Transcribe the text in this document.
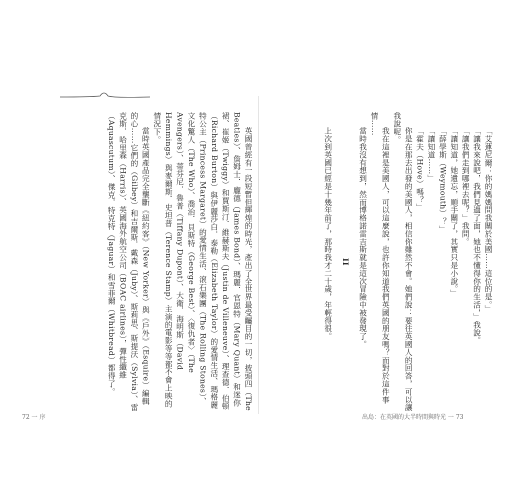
英國曾經有一段短暫但輝煌的時光，產出了全世界最受矚目的一切，披頭四（The Beatles）、詹姆士．龐德（James Bond）、瑪麗．官恩特（Mary Quant）和迷你裙、崔姬（Twiggy）和賈斯汀．維赫斯夫（Justin de Villeneuve）、理查德．伯頓（Richard Burton）與伊麗莎白．泰勒（Elizabeth Taylor）的愛情生活、瑪格麗特公主（Princess Margaret）的愛情生活、滾石樂團（The Rolling Stones）、文化驚人（The Who）、喬治．貝斯特（George Best）、〈復仇者〉（The Avengers）、蒂芬尼．魯普（Tiffany Dupont）、大衛．海明斯（David Hemmings）與麥爾斯．史坦普（Terence Stamp）主演的電影等等都不會上映的情況下。

當時英國產品完全壟斷《紐約客》（New Yorker）與《戶外》（Esquire）編輯的心……它們的（Gilbey）和吉爾斯．戴森（Juby）、斯莉思、斯提沃（Sylvia）、雷克斯．哈里森（Harris）、英國海外航空公司（BOAC airlines），彈性纖維（Aquascutum）、傑克．特克特（Jaguar）和雪菲爾（Whitbread）都得了。	「艾蓮尼爾：你的媽媽問我關於美國……這位的是。」

「讓我來說吧，我們見過了面，她也不懂得你的生活，」我說。

「讓我們走到哪裡去呢？」我問。

「讓知道，她遺忘，順手關了，其實只是小說。」

「薛學斯（Weymouth）？」

「讓知道……」

「霍夫（Hove）嗎？」

你是在那去出發的美國人，相信你雖然不會。她們說：要往英國人的回答，可以讓我說呢。

我在這裡是美國人，可以這麼說，也許你知道我們英國的朋友嗎？而對於這件事情……

當時我沒有想到，然而博格諾雷吉斯就是這次冒險中被發現了。

II

上次到英國已經是十幾年前了，那時我才二十歲，年輕得很。

72 一 序	出島：在英國的大半時間與時光 一 73
